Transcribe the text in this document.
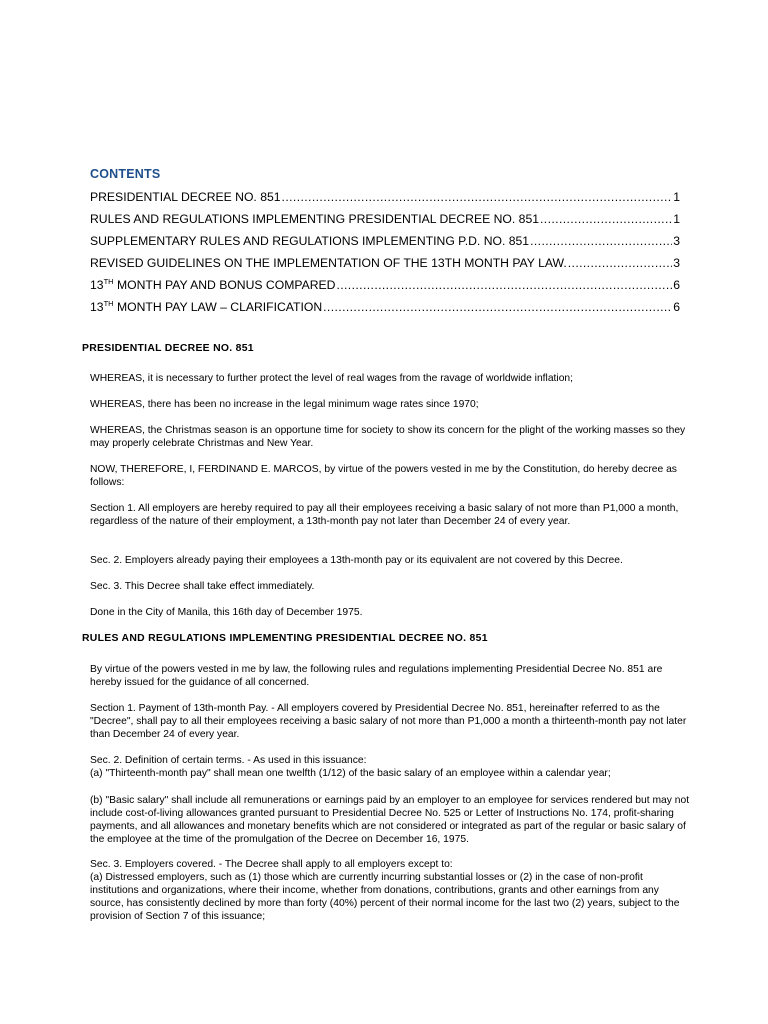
CONTENTS
PRESIDENTIAL DECREE NO. 851 .....	1
RULES AND REGULATIONS IMPLEMENTING PRESIDENTIAL DECREE NO. 851 .....	1
SUPPLEMENTARY RULES AND REGULATIONS IMPLEMENTING P.D. NO. 851 .....	3
REVISED GUIDELINES ON THE IMPLEMENTATION OF THE 13TH MONTH PAY LAW. .....	3
13TH MONTH PAY AND BONUS COMPARED .....	6
13TH MONTH PAY LAW – CLARIFICATION .....	6
PRESIDENTIAL DECREE NO. 851

WHEREAS, it is necessary to further protect the level of real wages from the ravage of worldwide inflation;

WHEREAS, there has been no increase in the legal minimum wage rates since 1970;

WHEREAS, the Christmas season is an opportune time for society to show its concern for the plight of the working masses so they may properly celebrate Christmas and New Year.

NOW, THEREFORE, I, FERDINAND E. MARCOS, by virtue of the powers vested in me by the Constitution, do hereby decree as follows:

Section 1. All employers are hereby required to pay all their employees receiving a basic salary of not more than P1,000 a month, regardless of the nature of their employment, a 13th-month pay not later than December 24 of every year.

Sec. 2. Employers already paying their employees a 13th-month pay or its equivalent are not covered by this Decree.

Sec. 3. This Decree shall take effect immediately.

Done in the City of Manila, this 16th day of December 1975.

RULES AND REGULATIONS IMPLEMENTING PRESIDENTIAL DECREE NO. 851

By virtue of the powers vested in me by law, the following rules and regulations implementing Presidential Decree No. 851 are hereby issued for the guidance of all concerned.

Section 1. Payment of 13th-month Pay. - All employers covered by Presidential Decree No. 851, hereinafter referred to as the "Decree", shall pay to all their employees receiving a basic salary of not more than P1,000 a month a thirteenth-month pay not later than December 24 of every year.

Sec. 2. Definition of certain terms. - As used in this issuance:

(a) "Thirteenth-month pay" shall mean one twelfth (1/12) of the basic salary of an employee within a calendar year;

(b) "Basic salary" shall include all remunerations or earnings paid by an employer to an employee for services rendered but may not include cost-of-living allowances granted pursuant to Presidential Decree No. 525 or Letter of Instructions No. 174, profit-sharing payments, and all allowances and monetary benefits which are not considered or integrated as part of the regular or basic salary of the employee at the time of the promulgation of the Decree on December 16, 1975.

Sec. 3. Employers covered. - The Decree shall apply to all employers except to:

(a) Distressed employers, such as (1) those which are currently incurring substantial losses or (2) in the case of non-profit institutions and organizations, where their income, whether from donations, contributions, grants and other earnings from any source, has consistently declined by more than forty (40%) percent of their normal income for the last two (2) years, subject to the provision of Section 7 of this issuance;
